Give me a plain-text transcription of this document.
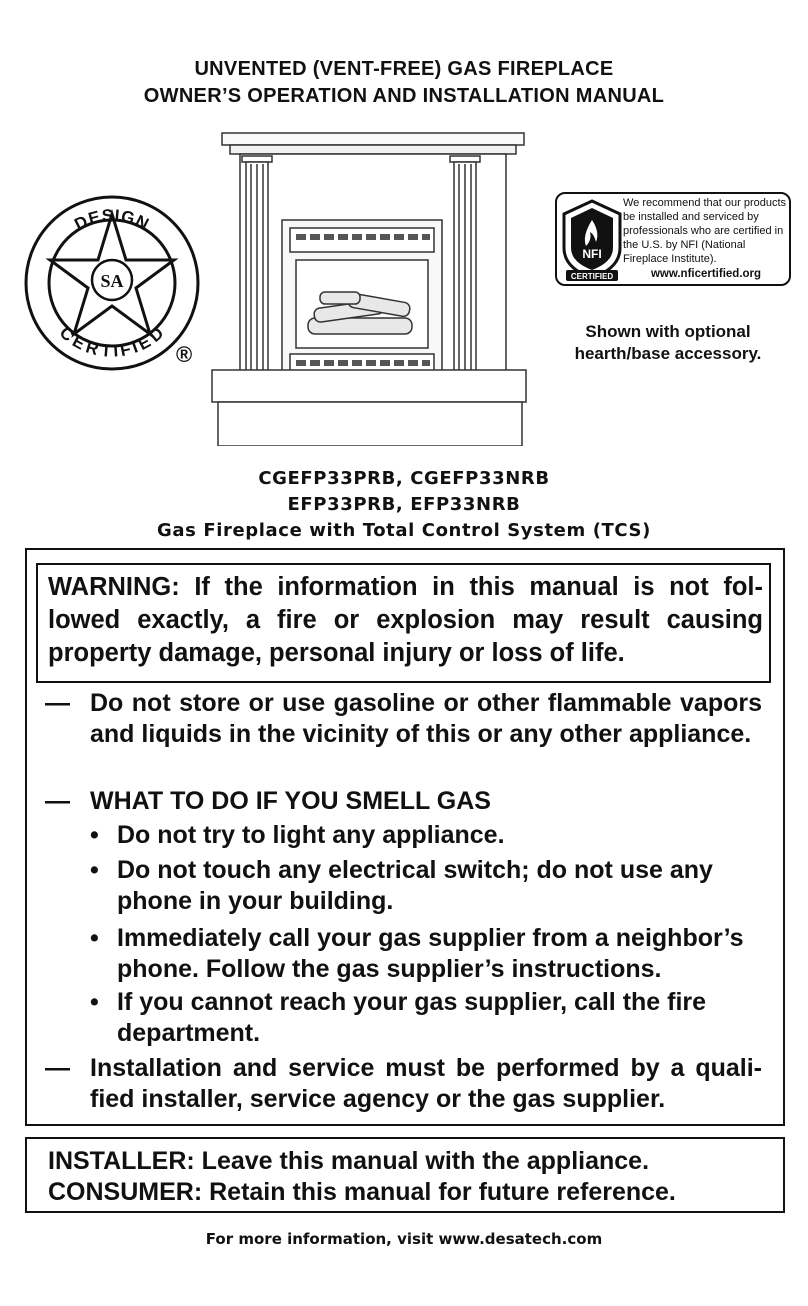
UNVENTED (VENT-FREE) GAS FIREPLACE
OWNER’S OPERATION AND INSTALLATION MANUAL
DESIGN
CERTIFIED
SA
®
NFI
CERTIFIED
We recommend that our products be installed and serviced by professionals who are certified in the U.S. by NFI (National Fireplace Institute).
www.nficertified.org
Shown with optional
hearth/base accessory.
CGEFP33PRB, CGEFP33NRB
EFP33PRB, EFP33NRB
Gas Fireplace with Total Control System (TCS)
WARNING: If the information in this manual is not fol-lowed exactly, a fire or explosion may result causing property damage, personal injury or loss of life.
— Do not store or use gasoline or other flammable vapors and liquids in the vicinity of this or any other appliance.
— WHAT TO DO IF YOU SMELL GAS
• Do not try to light any appliance.
• Do not touch any electrical switch; do not use any phone in your building.
• Immediately call your gas supplier from a neighbor’s phone. Follow the gas supplier’s instructions.
• If you cannot reach your gas supplier, call the fire department.
— Installation and service must be performed by a quali-fied installer, service agency or the gas supplier.
INSTALLER: Leave this manual with the appliance.
CONSUMER: Retain this manual for future reference.
For more information, visit www.desatech.com
